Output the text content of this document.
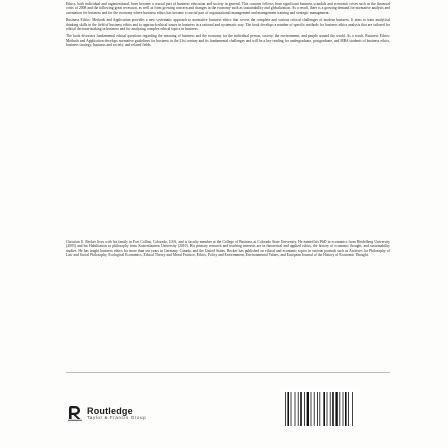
Ethics, both individual and organizational, have become a crucial part of business education and society in general. This concern follows from significant business scandals and economic crises such as the financial crisis of 2008 and the following great recession, as well as from growing concern and changes in the economy such as sustainability and globalization. As a result, there is a growing demand for normative analysis and orientation for business and for the economy where business ethics has become a crucial part of organizational management and management training and strategic management.

Business Ethics: Methods and Application provides a new systematic approach to normative business ethics that covers the complete and various critical challenges of modern business. It aims to train analytical thinking skills in the field of business ethics and to approach ethical issues in business in a rational and systematic way. The book develops a number of specific methods for business ethics analysis that are tailored for ethical decision-making in business and for analyzing complex ethical topics in business.

The book discusses fundamental ethical questions regarding the meaning of business and the economy for the individual person, society, the environment, and people around the world. As a result, Business Ethics: Methods and Application develops normative guidelines for business in the 21st century and its fundamental challenges and will be a key reading for undergraduate, postgraduate, and MBA students of business ethics, business strategy, business and society, and related fields.

Christian U. Becker lives with his family in Fort Collins, Colorado, USA, and is faculty member at the College of Business at Colorado State University. He earned his PhD in economics from Heidelberg University (2003) and his Habilitation in philosophy from Kaiserslautern University (2010). His primary research and teaching interests are in theoretical and applied ethics, the history of economic thought, and sustainability studies. He has taught business ethics for more than ten years in Germany, Canada, and the United States. Becker has published on ethical and economic topics in various journals such as Archives for Philosophy of Law and Social Philosophy, Ecological Economics, Ethical Theory and Moral Practice, Ethics, Policy and Environment, Environmental Values, and European Journal of the History of Economic Thought.

Routledge
Taylor & Francis Group
